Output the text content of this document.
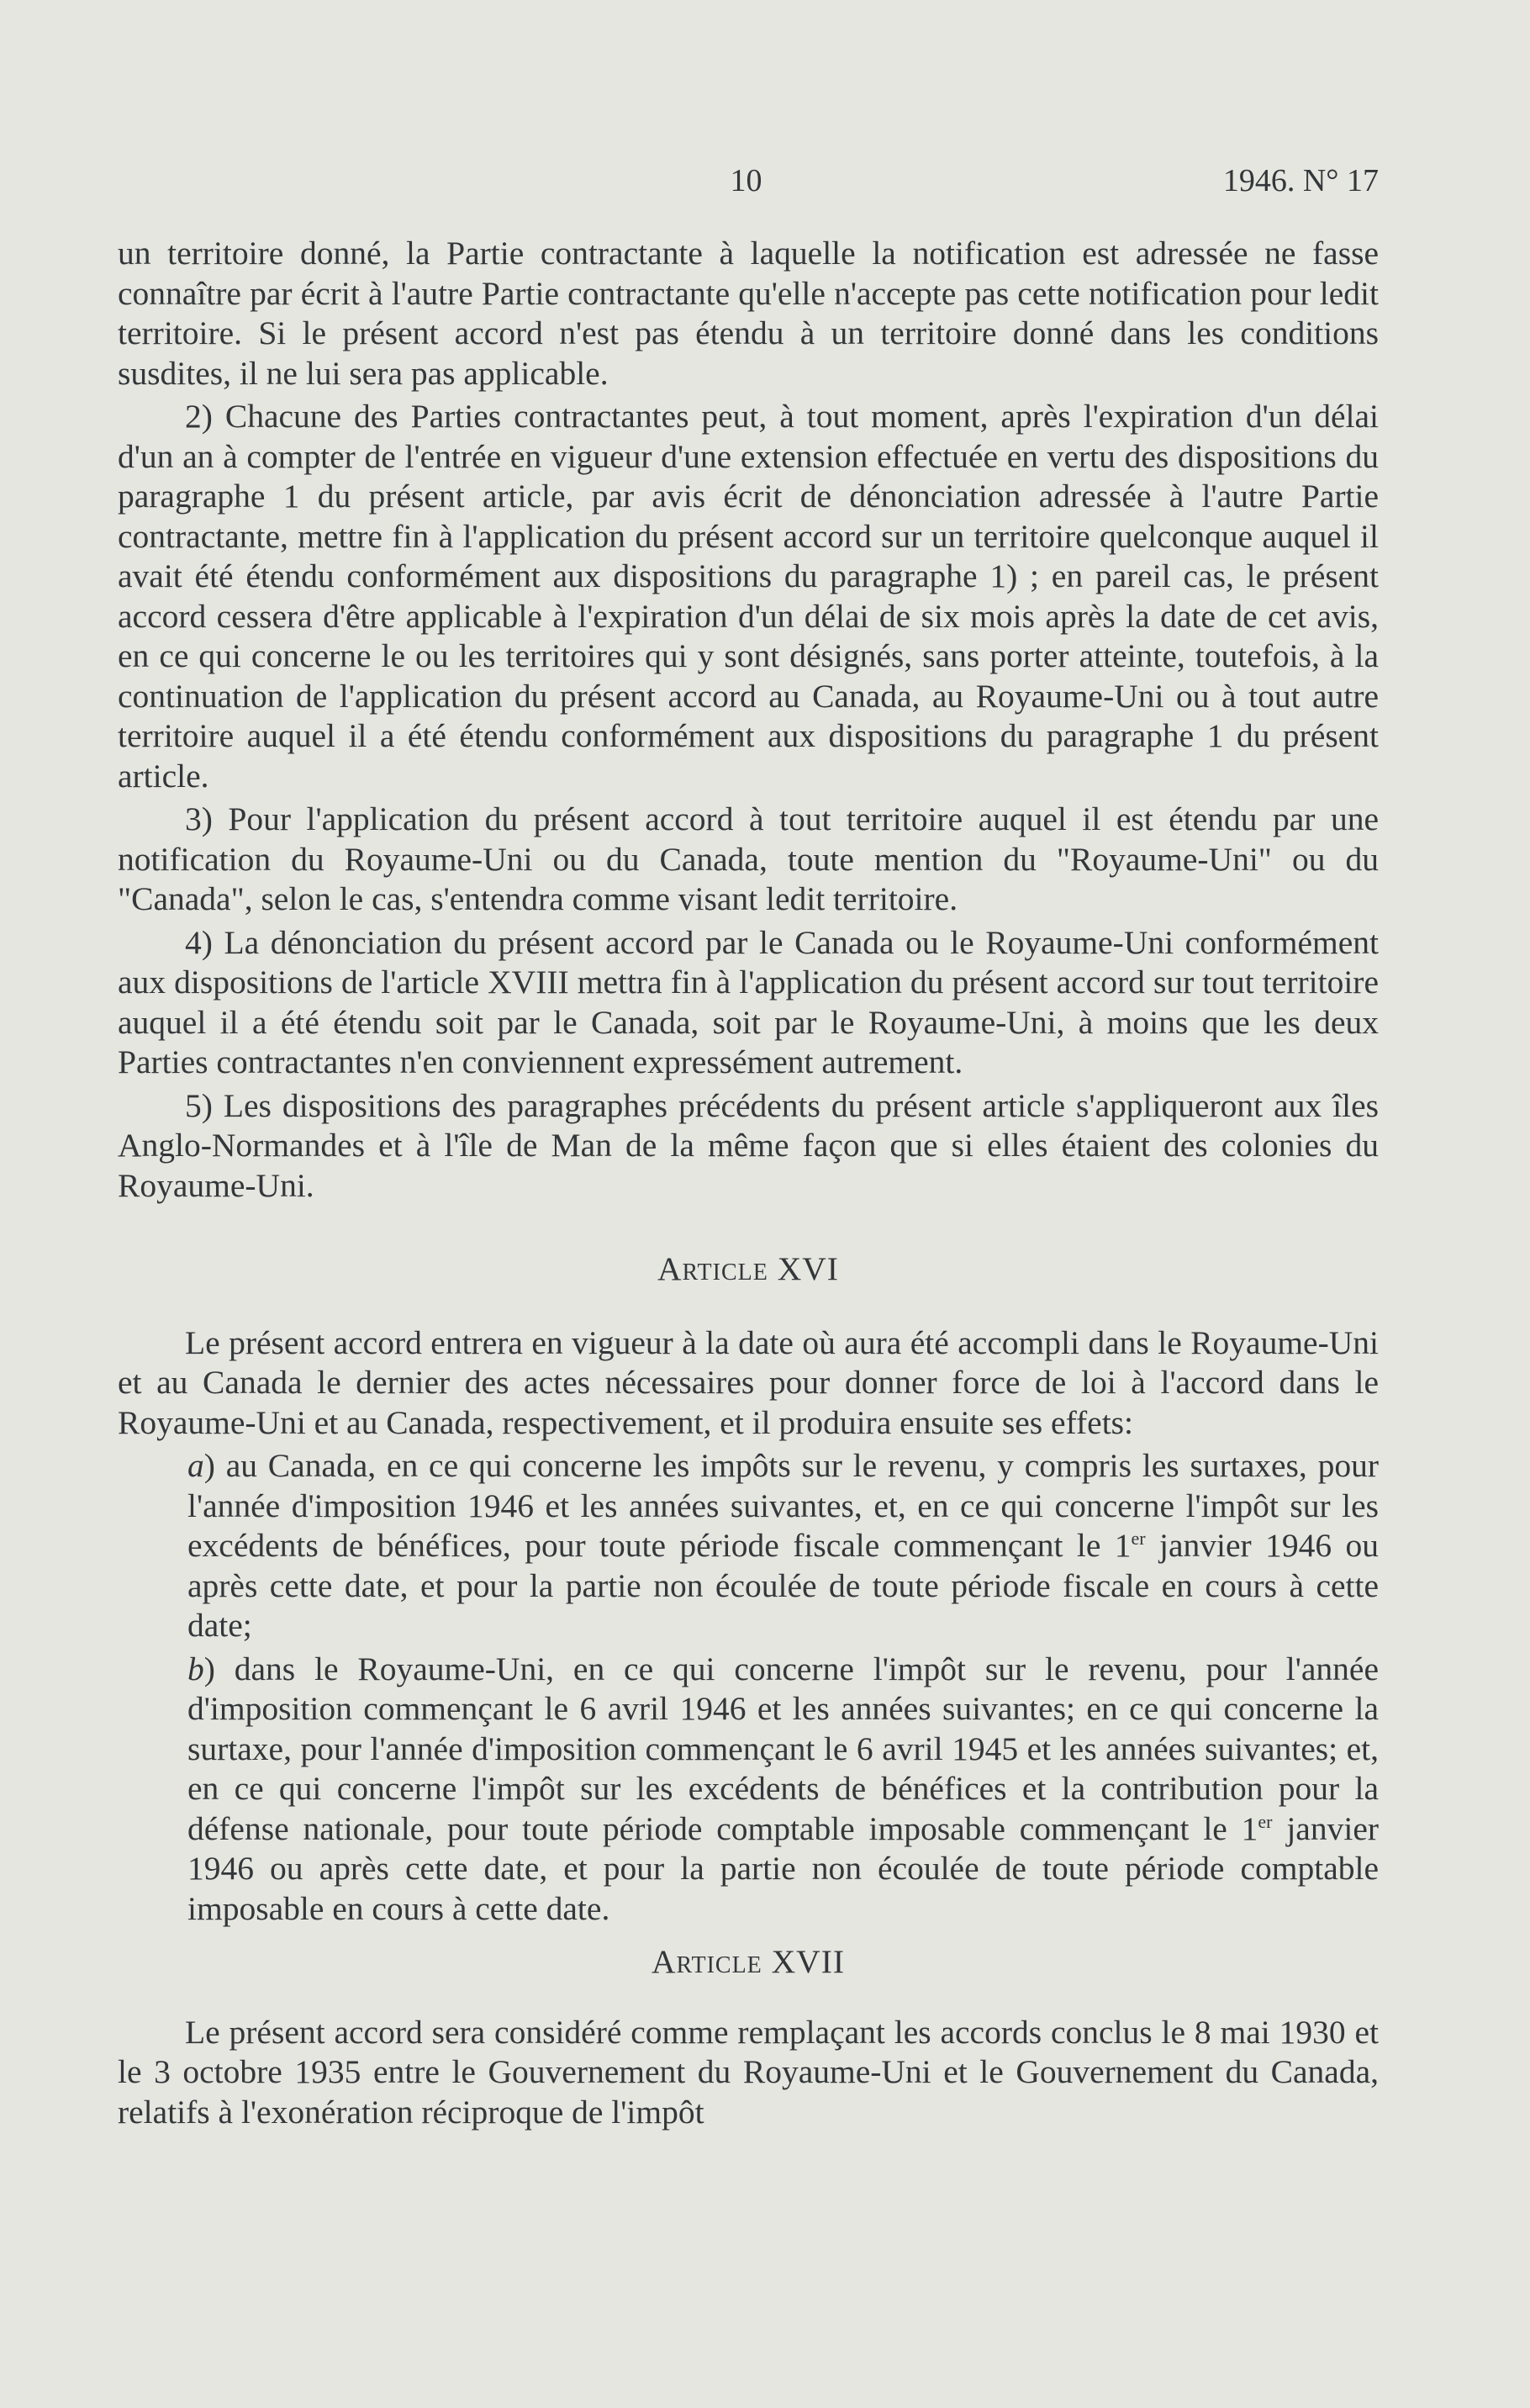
10	1946. N° 17

un territoire donné, la Partie contractante à laquelle la notification est adressée ne fasse connaître par écrit à l'autre Partie contractante qu'elle n'accepte pas cette notification pour ledit territoire. Si le présent accord n'est pas étendu à un territoire donné dans les conditions susdites, il ne lui sera pas applicable.

2) Chacune des Parties contractantes peut, à tout moment, après l'expiration d'un délai d'un an à compter de l'entrée en vigueur d'une extension effectuée en vertu des dispositions du paragraphe 1 du présent article, par avis écrit de dénonciation adressée à l'autre Partie contractante, mettre fin à l'application du présent accord sur un territoire quelconque auquel il avait été étendu conformément aux dispositions du paragraphe 1) ; en pareil cas, le présent accord cessera d'être applicable à l'expiration d'un délai de six mois après la date de cet avis, en ce qui concerne le ou les territoires qui y sont désignés, sans porter atteinte, toutefois, à la continuation de l'application du présent accord au Canada, au Royaume-Uni ou à tout autre territoire auquel il a été étendu conformément aux dispositions du paragraphe 1 du présent article.

3) Pour l'application du présent accord à tout territoire auquel il est étendu par une notification du Royaume-Uni ou du Canada, toute mention du "Royaume-Uni" ou du "Canada", selon le cas, s'entendra comme visant ledit territoire.

4) La dénonciation du présent accord par le Canada ou le Royaume-Uni conformément aux dispositions de l'article XVIII mettra fin à l'application du présent accord sur tout territoire auquel il a été étendu soit par le Canada, soit par le Royaume-Uni, à moins que les deux Parties contractantes n'en conviennent expressément autrement.

5) Les dispositions des paragraphes précédents du présent article s'appliqueront aux îles Anglo-Normandes et à l'île de Man de la même façon que si elles étaient des colonies du Royaume-Uni.

Article XVI

Le présent accord entrera en vigueur à la date où aura été accompli dans le Royaume-Uni et au Canada le dernier des actes nécessaires pour donner force de loi à l'accord dans le Royaume-Uni et au Canada, respectivement, et il produira ensuite ses effets:

a) au Canada, en ce qui concerne les impôts sur le revenu, y compris les surtaxes, pour l'année d'imposition 1946 et les années suivantes, et, en ce qui concerne l'impôt sur les excédents de bénéfices, pour toute période fiscale commençant le 1er janvier 1946 ou après cette date, et pour la partie non écoulée de toute période fiscale en cours à cette date;

b) dans le Royaume-Uni, en ce qui concerne l'impôt sur le revenu, pour l'année d'imposition commençant le 6 avril 1946 et les années suivantes; en ce qui concerne la surtaxe, pour l'année d'imposition commençant le 6 avril 1945 et les années suivantes; et, en ce qui concerne l'impôt sur les excédents de bénéfices et la contribution pour la défense nationale, pour toute période comptable imposable commençant le 1er janvier 1946 ou après cette date, et pour la partie non écoulée de toute période comptable imposable en cours à cette date.

Article XVII

Le présent accord sera considéré comme remplaçant les accords conclus le 8 mai 1930 et le 3 octobre 1935 entre le Gouvernement du Royaume-Uni et le Gouvernement du Canada, relatifs à l'exonération réciproque de l'impôt
